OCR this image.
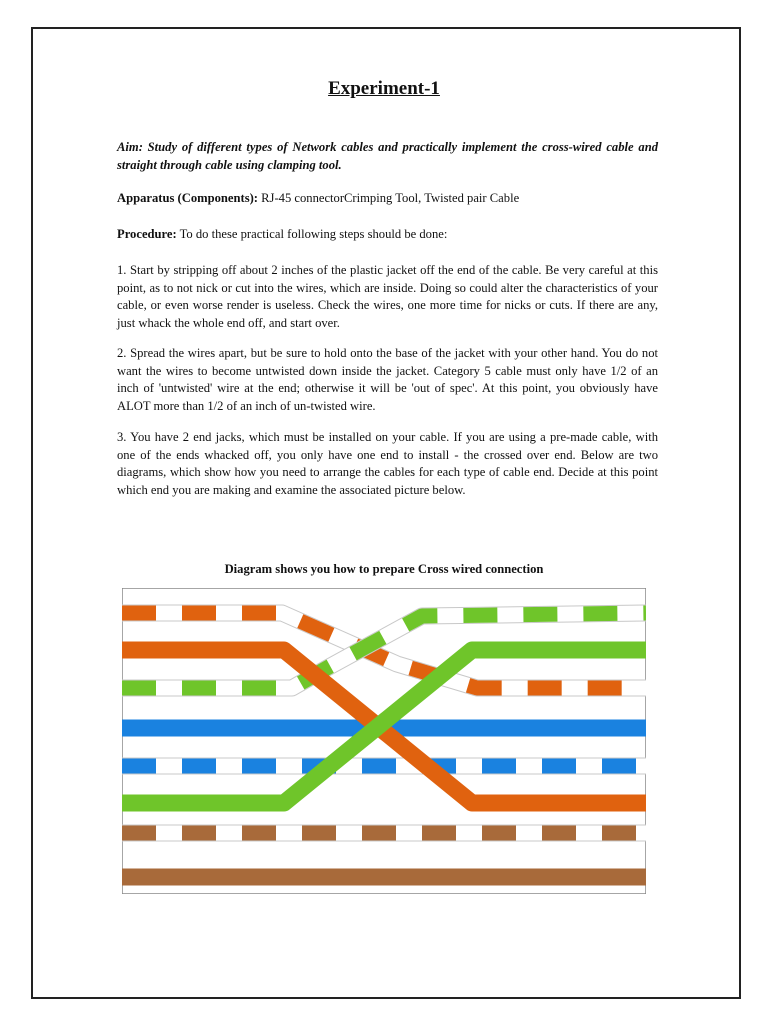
Experiment-1
Aim: Study of different types of Network cables and practically implement the cross-wired cable and straight through cable using clamping tool.
Apparatus (Components): RJ-45 connectorCrimping Tool, Twisted pair Cable
Procedure: To do these practical following steps should be done:
1. Start by stripping off about 2 inches of the plastic jacket off the end of the cable. Be very careful at this point, as to not nick or cut into the wires, which are inside. Doing so could alter the characteristics of your cable, or even worse render is useless. Check the wires, one more time for nicks or cuts. If there are any, just whack the whole end off, and start over.
2. Spread the wires apart, but be sure to hold onto the base of the jacket with your other hand. You do not want the wires to become untwisted down inside the jacket. Category 5 cable must only have 1/2 of an inch of 'untwisted' wire at the end; otherwise it will be 'out of spec'. At this point, you obviously have ALOT more than 1/2 of an inch of un-twisted wire.
3. You have 2 end jacks, which must be installed on your cable. If you are using a pre-made cable, with one of the ends whacked off, you only have one end to install - the crossed over end. Below are two diagrams, which show how you need to arrange the cables for each type of cable end. Decide at this point which end you are making and examine the associated picture below.
Diagram shows you how to prepare Cross wired connection
